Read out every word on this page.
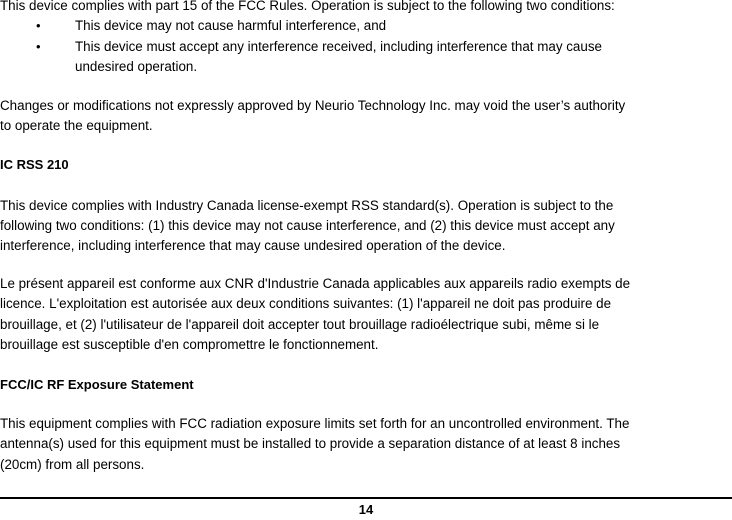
This device complies with part 15 of the FCC Rules. Operation is subject to the following two conditions:
•	This device may not cause harmful interference, and
•	This device must accept any interference received, including interference that may cause
undesired operation.
Changes or modifications not expressly approved by Neurio Technology Inc. may void the user’s authority
to operate the equipment.
IC RSS 210
This device complies with Industry Canada license-exempt RSS standard(s). Operation is subject to the
following two conditions: (1) this device may not cause interference, and (2) this device must accept any
interference, including interference that may cause undesired operation of the device.
Le présent appareil est conforme aux CNR d'Industrie Canada applicables aux appareils radio exempts de
licence. L'exploitation est autorisée aux deux conditions suivantes: (1) l'appareil ne doit pas produire de
brouillage, et (2) l'utilisateur de l'appareil doit accepter tout brouillage radioélectrique subi, même si le
brouillage est susceptible d'en compromettre le fonctionnement.
FCC/IC RF Exposure Statement
This equipment complies with FCC radiation exposure limits set forth for an uncontrolled environment. The
antenna(s) used for this equipment must be installed to provide a separation distance of at least 8 inches
(20cm) from all persons.
14
